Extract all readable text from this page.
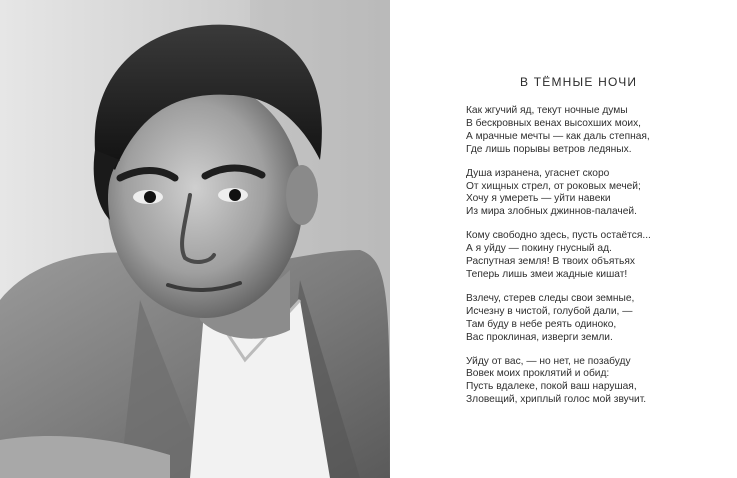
В ТЁМНЫЕ НОЧИ
Как жгучий яд, текут ночные думы
В бескровных венах высохших моих,
А мрачные мечты — как даль степная,
Где лишь порывы ветров ледяных.
Душа изранена, угаснет скоро
От хищных стрел, от роковых мечей;
Хочу я умереть — уйти навеки
Из мира злобных джиннов-палачей.
Кому свободно здесь, пусть остаётся...
А я уйду — покину гнусный ад.
Распутная земля! В твоих объятьях
Теперь лишь змеи жадные кишат!
Взлечу, стерев следы свои земные,
Исчезну в чистой, голубой дали, —
Там буду в небе реять одиноко,
Вас проклиная, изверги земли.
Уйду от вас, — но нет, не позабуду
Вовек моих проклятий и обид:
Пусть вдалеке, покой ваш нарушая,
Зловещий, хриплый голос мой звучит.
